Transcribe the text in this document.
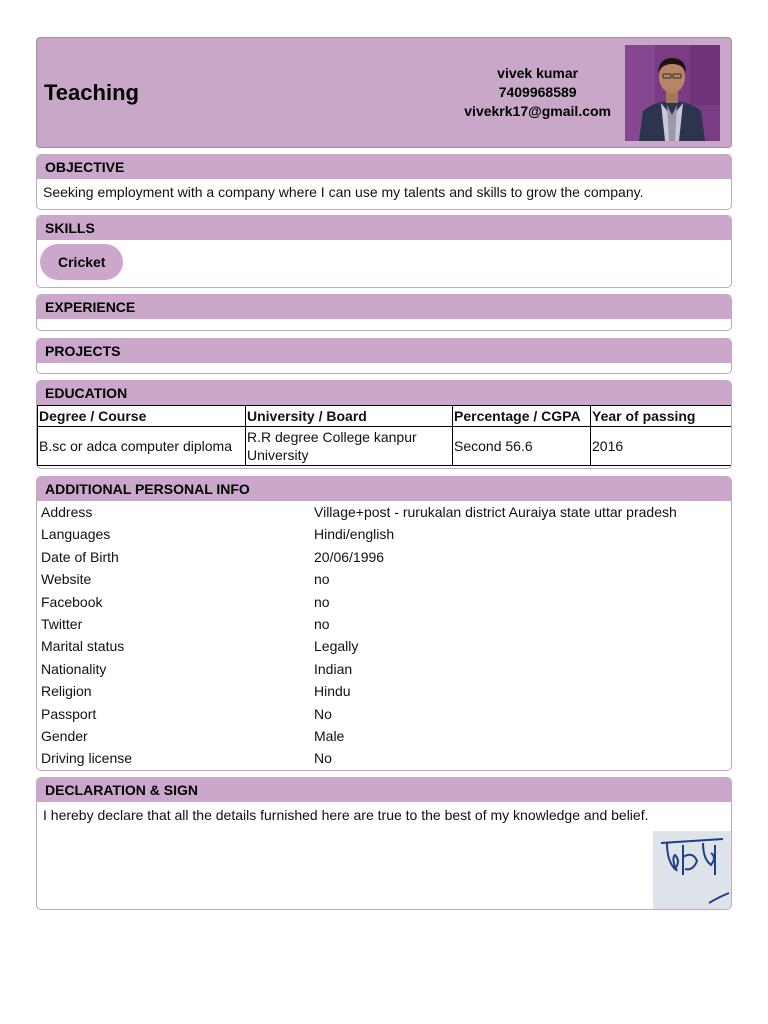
Teaching
vivek kumar
7409968589
vivekrk17@gmail.com
OBJECTIVE
Seeking employment with a company where I can use my talents and skills to grow the company.
SKILLS
Cricket
EXPERIENCE
PROJECTS
EDUCATION
Degree / Course	University / Board	Percentage / CGPA	Year of passing
B.sc or adca computer diploma	R.R degree College kanpur University	Second 56.6	2016
ADDITIONAL PERSONAL INFO
Address	Village+post - rurukalan district Auraiya state uttar pradesh
Languages	Hindi/english
Date of Birth	20/06/1996
Website	no
Facebook	no
Twitter	no
Marital status	Legally
Nationality	Indian
Religion	Hindu
Passport	No
Gender	Male
Driving license	No
DECLARATION & SIGN
I hereby declare that all the details furnished here are true to the best of my knowledge and belief.
